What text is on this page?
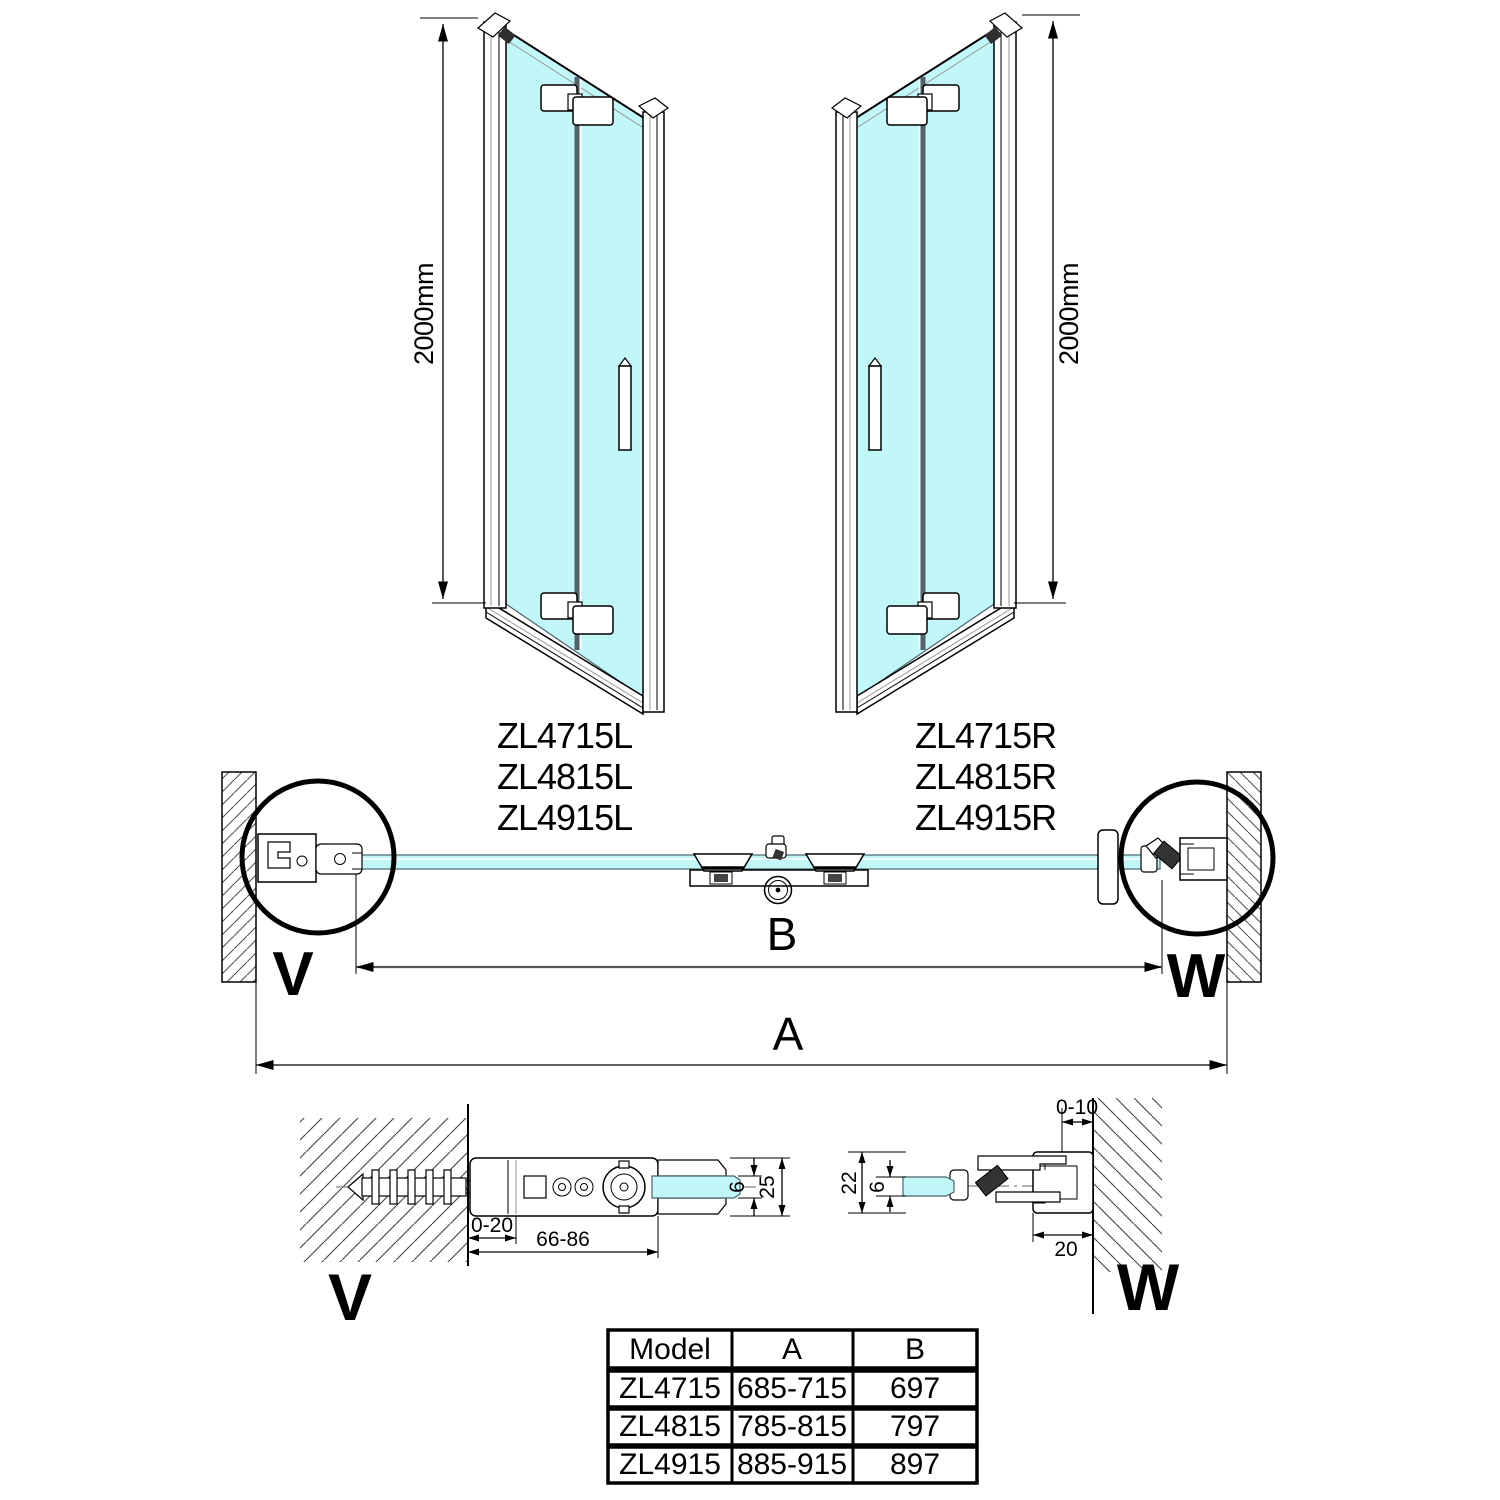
2000mm	2000mm
ZL4715L
ZL4815L
ZL4915L
ZL4715R
ZL4815R
ZL4915R
V	W
B
A
6 25
0-20
66-86
V
0-10
20
22 6
W
Model A	B
ZL4715 685-715 697
ZL4815 785-815 797
ZL4915 885-915 897
